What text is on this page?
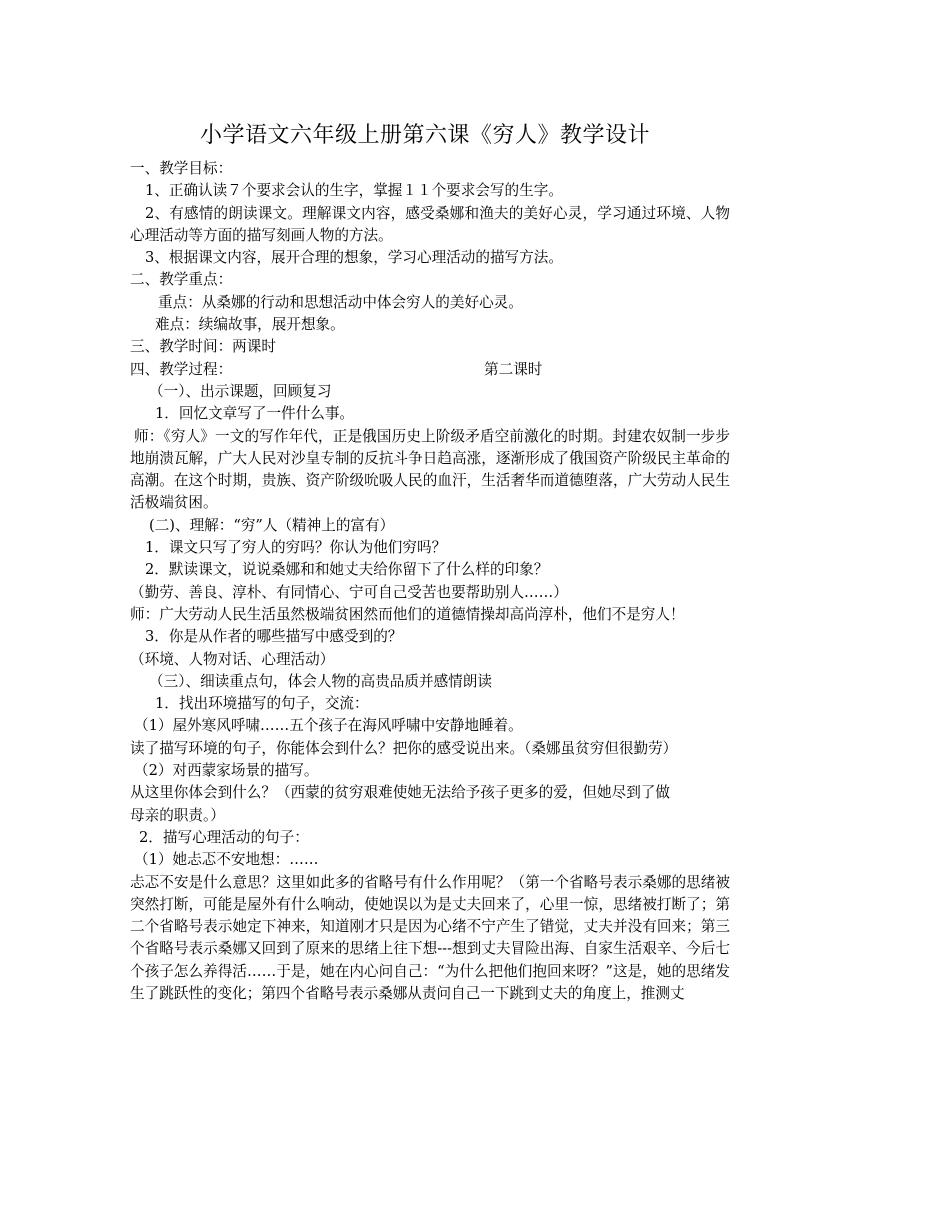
小学语文六年级上册第六课《穷人》教学设计
一、教学目标：
1、正确认读７个要求会认的生字，掌握１１个要求会写的生字。

2、有感情的朗读课文。理解课文内容，感受桑娜和渔夫的美好心灵，学习通过环境、人物心理活动等方面的描写刻画人物的方法。

3、根据课文内容，展开合理的想象，学习心理活动的描写方法。
二、教学重点：
重点：从桑娜的行动和思想活动中体会穷人的美好心灵。
难点：续编故事，展开想象。
三、教学时间：两课时
四、教学过程：	第二课时
（一）、出示课题，回顾复习
1．回忆文章写了一件什么事。

师：《穷人》一文的写作年代，正是俄国历史上阶级矛盾空前激化的时期。封建农奴制一步步地崩溃瓦解，广大人民对沙皇专制的反抗斗争日趋高涨，逐渐形成了俄国资产阶级民主革命的高潮。在这个时期，贵族、资产阶级吮吸人民的血汗，生活奢华而道德堕落，广大劳动人民生活极端贫困。

(二)、理解：“穷”人（精神上的富有）
1．课文只写了穷人的穷吗？你认为他们穷吗？
2．默读课文，说说桑娜和和她丈夫给你留下了什么样的印象？
（勤劳、善良、淳朴、有同情心、宁可自己受苦也要帮助别人……）

师：广大劳动人民生活虽然极端贫困然而他们的道德情操却高尚淳朴，他们不是穷人！

3．你是从作者的哪些描写中感受到的？
（环境、人物对话、心理活动）
（三）、细读重点句，体会人物的高贵品质并感情朗读
1．找出环境描写的句子，交流：
（1）屋外寒风呼啸……五个孩子在海风呼啸中安静地睡着。

读了描写环境的句子，你能体会到什么？把你的感受说出来。（桑娜虽贫穷但很勤劳）

（2）对西蒙家场景的描写。

从这里你体会到什么？（西蒙的贫穷艰难使她无法给予孩子更多的爱，但她尽到了做

母亲的职责。）
2．描写心理活动的句子：
（1）她忐忑不安地想：……

忐忑不安是什么意思？这里如此多的省略号有什么作用呢？（第一个省略号表示桑娜的思绪被突然打断，可能是屋外有什么响动，使她误以为是丈夫回来了，心里一惊，思绪被打断了；第二个省略号表示她定下神来，知道刚才只是因为心绪不宁产生了错觉，丈夫并没有回来；第三个省略号表示桑娜又回到了原来的思绪上往下想---想到丈夫冒险出海、自家生活艰辛、今后七个孩子怎么养得活……于是，她在内心问自己：“为什么把他们抱回来呀？”这是，她的思绪发生了跳跃性的变化；第四个省略号表示桑娜从责问自己一下跳到丈夫的角度上，推测丈
